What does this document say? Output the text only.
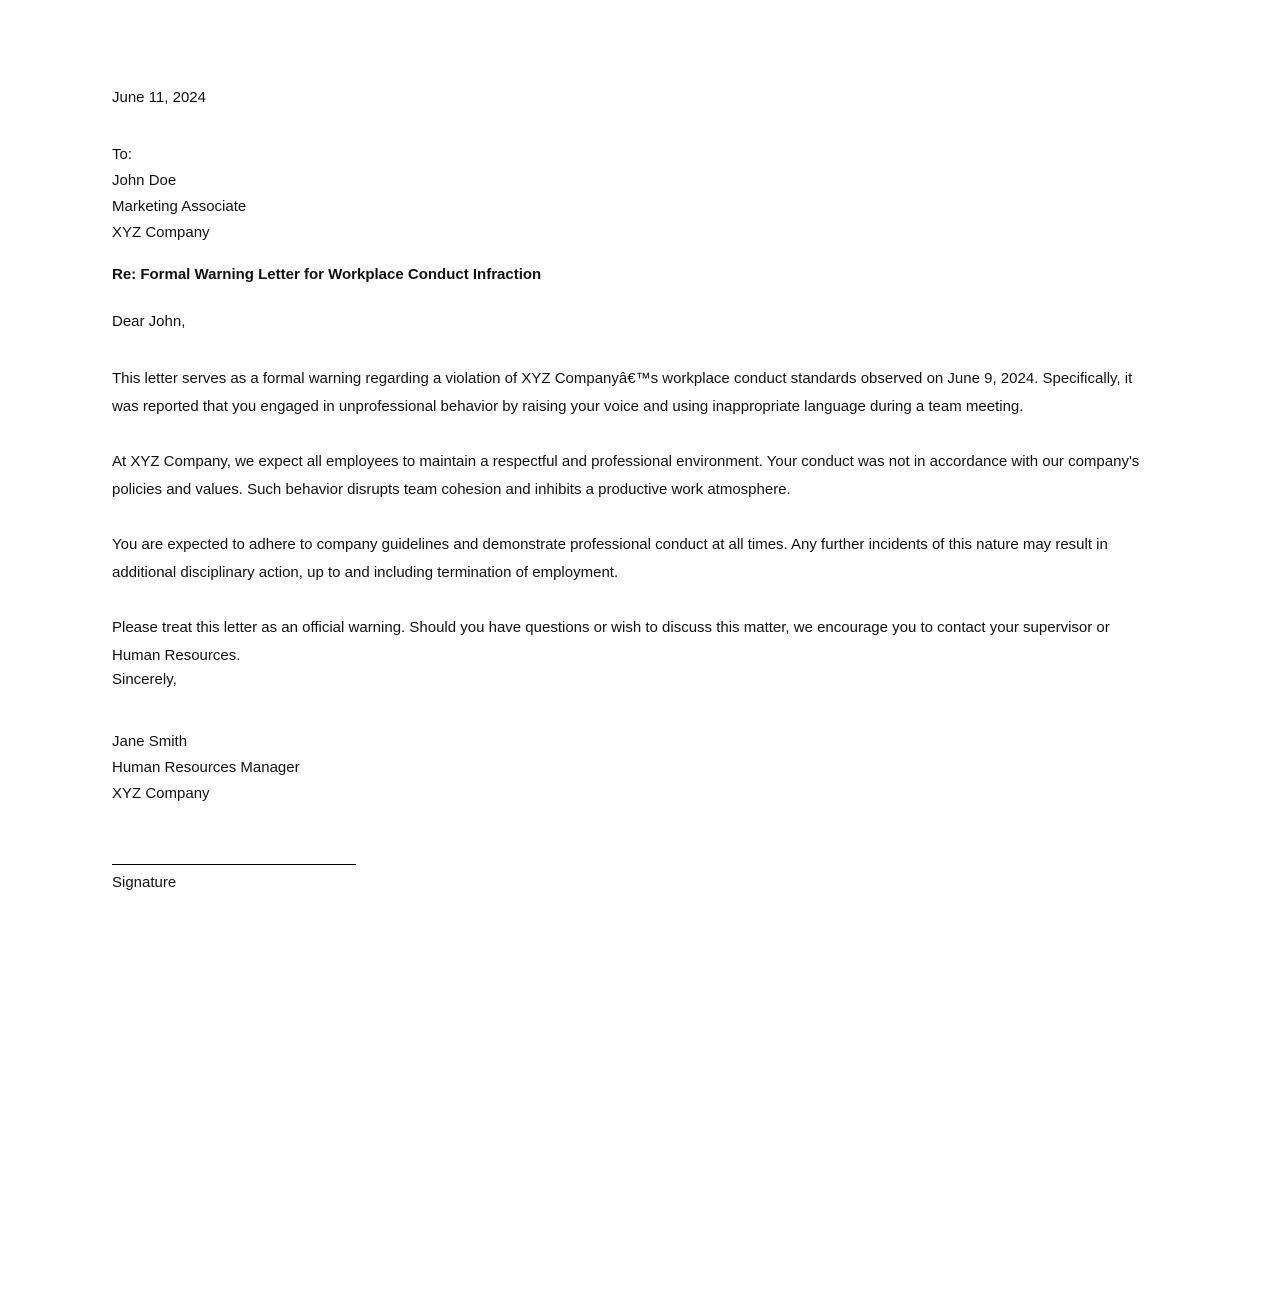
June 11, 2024
To:
John Doe
Marketing Associate
XYZ Company
Re: Formal Warning Letter for Workplace Conduct Infraction
Dear John,

This letter serves as a formal warning regarding a violation of XYZ Companyâ€™s workplace conduct standards observed on June 9, 2024. Specifically, it was reported that you engaged in unprofessional behavior by raising your voice and using inappropriate language during a team meeting.

At XYZ Company, we expect all employees to maintain a respectful and professional environment. Your conduct was not in accordance with our company's policies and values. Such behavior disrupts team cohesion and inhibits a productive work atmosphere.

You are expected to adhere to company guidelines and demonstrate professional conduct at all times. Any further incidents of this nature may result in additional disciplinary action, up to and including termination of employment.

Please treat this letter as an official warning. Should you have questions or wish to discuss this matter, we encourage you to contact your supervisor or Human Resources.

Sincerely,
Jane Smith
Human Resources Manager
XYZ Company
Signature
